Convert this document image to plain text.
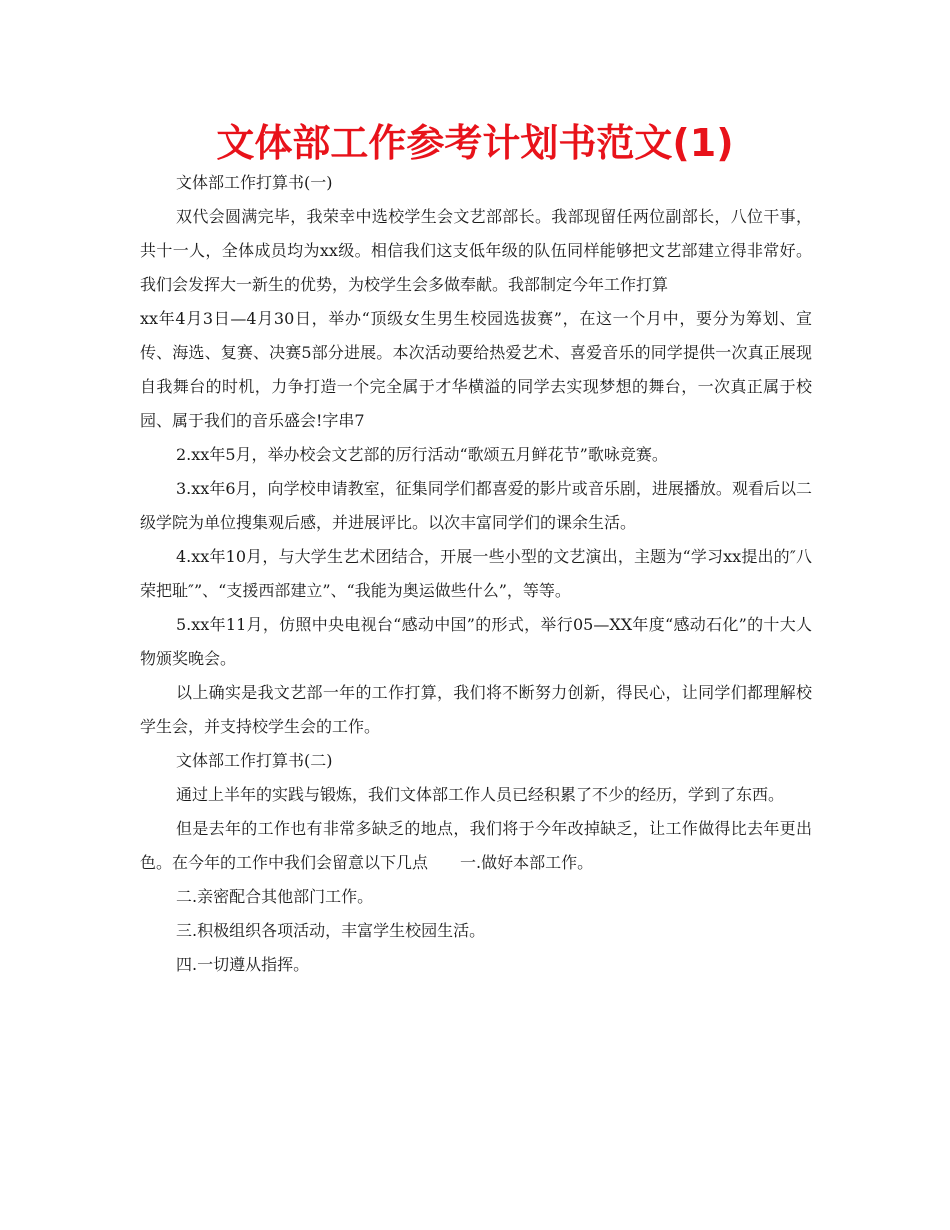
文体部工作参考计划书范文(1)

文体部工作打算书(一)

双代会圆满完毕，我荣幸中选校学生会文艺部部长。我部现留任两位副部长，八位干事，共十一人，全体成员均为xx级。相信我们这支低年级的队伍同样能够把文艺部建立得非常好。我们会发挥大一新生的优势，为校学生会多做奉献。我部制定今年工作打算

xx年4月3日—4月30日，举办“顶级女生男生校园选拔赛”，在这一个月中，要分为筹划、宣传、海选、复赛、决赛5部分进展。本次活动要给热爱艺术、喜爱音乐的同学提供一次真正展现自我舞台的时机，力争打造一个完全属于才华横溢的同学去实现梦想的舞台，一次真正属于校园、属于我们的音乐盛会!字串7

2.xx年5月，举办校会文艺部的厉行活动“歌颂五月鲜花节”歌咏竞赛。

3.xx年6月，向学校申请教室，征集同学们都喜爱的影片或音乐剧，进展播放。观看后以二级学院为单位搜集观后感，并进展评比。以次丰富同学们的课余生活。

4.xx年10月，与大学生艺术团结合，开展一些小型的文艺演出，主题为“学习xx提出的″八荣把耻″”、“支援西部建立”、“我能为奥运做些什么”，等等。

5.xx年11月，仿照中央电视台“感动中国”的形式，举行05—XX年度“感动石化”的十大人物颁奖晚会。

以上确实是我文艺部一年的工作打算，我们将不断努力创新，得民心，让同学们都理解校学生会，并支持校学生会的工作。

文体部工作打算书(二)

通过上半年的实践与锻炼，我们文体部工作人员已经积累了不少的经历，学到了东西。

但是去年的工作也有非常多缺乏的地点，我们将于今年改掉缺乏，让工作做得比去年更出色。在今年的工作中我们会留意以下几点　　一.做好本部工作。

二.亲密配合其他部门工作。

三.积极组织各项活动，丰富学生校园生活。

四.一切遵从指挥。
